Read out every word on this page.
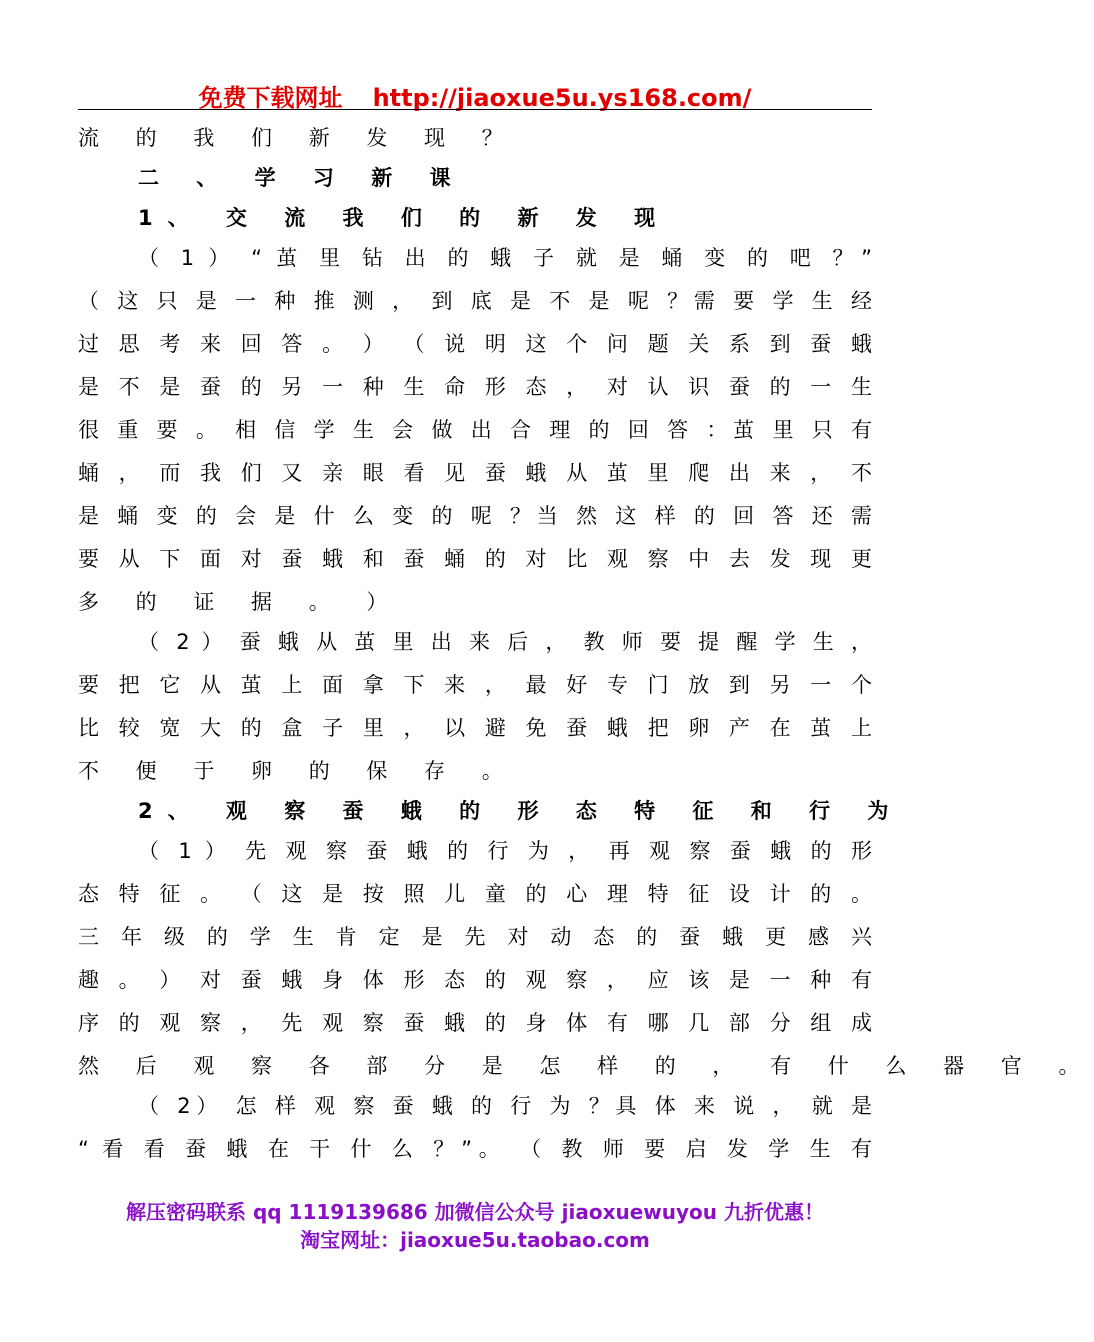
免费下载网址 http://jiaoxue5u.ys168.com/
流 的 我 们 新 发 现 ？
二 、 学 习 新 课
1、 交 流 我 们 的 新 发 现
（ 1 ） “ 茧 里 钻 出 的 蛾 子 就 是 蛹 变 的 吧 ？”
（ 这 只 是 一 种 推 测 ， 到 底 是 不 是 呢 ？需 要 学 生 经
过 思 考 来 回 答 。 ） （ 说 明 这 个 问 题 关 系 到 蚕 蛾
是 不 是 蚕 的 另 一 种 生 命 形 态 ， 对 认 识 蚕 的 一 生
很 重 要 。 相 信 学 生 会 做 出 合 理 的 回 答 ：茧 里 只 有
蛹 ， 而 我 们 又 亲 眼 看 见 蚕 蛾 从 茧 里 爬 出 来 ， 不
是 蛹 变 的 会 是 什 么 变 的 呢 ？当 然 这 样 的 回 答 还 需
要 从 下 面 对 蚕 蛾 和 蚕 蛹 的 对 比 观 察 中 去 发 现 更
多 的 证 据 。 ）
（ 2 ） 蚕 蛾 从 茧 里 出 来 后 ， 教 师 要 提 醒 学 生 ，
要 把 它 从 茧 上 面 拿 下 来 ， 最 好 专 门 放 到 另 一 个
比 较 宽 大 的 盒 子 里 ， 以 避 免 蚕 蛾 把 卵 产 在 茧 上
不 便 于 卵 的 保 存 。
2、 观 察 蚕 蛾 的 形 态 特 征 和 行 为
（ 1 ） 先 观 察 蚕 蛾 的 行 为 ， 再 观 察 蚕 蛾 的 形
态 特 征 。 （ 这 是 按 照 儿 童 的 心 理 特 征 设 计 的 。
三 年 级 的 学 生 肯 定 是 先 对 动 态 的 蚕 蛾 更 感 兴
趣 。 ） 对 蚕 蛾 身 体 形 态 的 观 察 ， 应 该 是 一 种 有
序 的 观 察 ， 先 观 察 蚕 蛾 的 身 体 有 哪 几 部 分 组 成
然 后 观 察 各 部 分 是 怎 样 的 ， 有 什 么 器 官 。
（ 2） 怎 样 观 察 蚕 蛾 的 行 为 ？具 体 来 说 ， 就 是
“ 看 看 蚕 蛾 在 干 什 么 ？”。 （ 教 师 要 启 发 学 生 有
解压密码联系 qq 1119139686 加微信公众号 jiaoxuewuyou 九折优惠！
淘宝网址：jiaoxue5u.taobao.com
